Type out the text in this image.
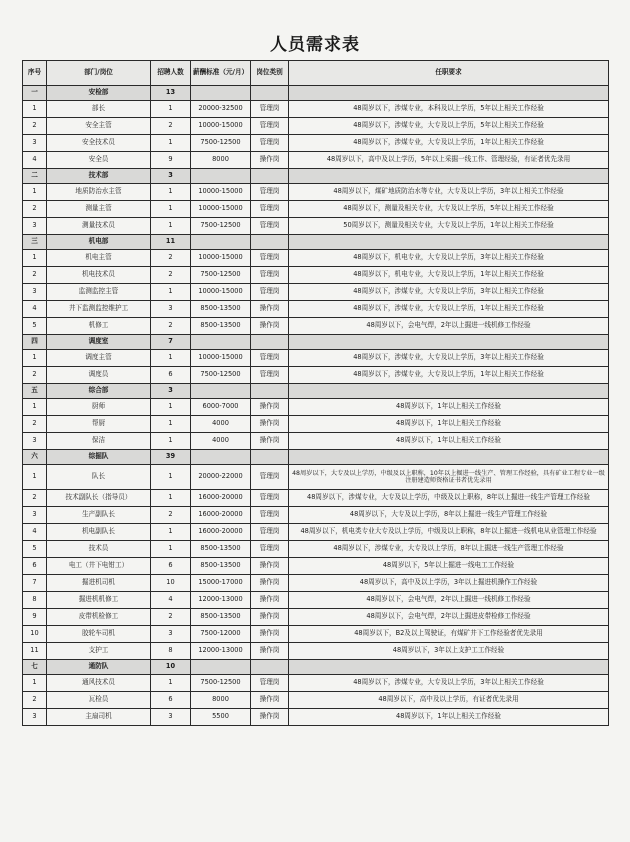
人员需求表
序号	部门/岗位	招聘人数	薪酬标准（元/月）	岗位类别	任职要求
一	安检部	13			
1	部长	1	20000-32500	管理岗	48周岁以下，涉煤专业，本科及以上学历，5年以上相关工作经验
2	安全主管	2	10000-15000	管理岗	48周岁以下，涉煤专业，大专及以上学历，5年以上相关工作经验
3	安全技术员	1	7500-12500	管理岗	48周岁以下，涉煤专业，大专及以上学历，1年以上相关工作经验
4	安全员	9	8000	操作岗	48周岁以下，高中及以上学历，5年以上采掘一线工作、管理经验，有证者优先录用
二	技术部	3			
1	地质防治水主管	1	10000-15000	管理岗	48周岁以下，煤矿地质防治水等专业，大专及以上学历，3年以上相关工作经验
2	测量主管	1	10000-15000	管理岗	48周岁以下，测量及相关专业，大专及以上学历，5年以上相关工作经验
3	测量技术员	1	7500-12500	管理岗	50周岁以下，测量及相关专业，大专及以上学历，1年以上相关工作经验
三	机电部	11			
1	机电主管	2	10000-15000	管理岗	48周岁以下，机电专业，大专及以上学历，3年以上相关工作经验
2	机电技术员	2	7500-12500	管理岗	48周岁以下，机电专业，大专及以上学历，1年以上相关工作经验
3	监测监控主管	1	10000-15000	管理岗	48周岁以下，涉煤专业，大专及以上学历，3年以上相关工作经验
4	井下监测监控维护工	3	8500-13500	操作岗	48周岁以下，涉煤专业，大专及以上学历，1年以上相关工作经验
5	机修工	2	8500-13500	操作岗	48周岁以下，会电气焊，2年以上掘进一线机修工作经验
四	调度室	7			
1	调度主管	1	10000-15000	管理岗	48周岁以下，涉煤专业，大专及以上学历，3年以上相关工作经验
2	调度员	6	7500-12500	管理岗	48周岁以下，涉煤专业，大专及以上学历，1年以上相关工作经验
五	综合部	3			
1	厨师	1	6000-7000	操作岗	48周岁以下，1年以上相关工作经验
2	帮厨	1	4000	操作岗	48周岁以下，1年以上相关工作经验
3	保洁	1	4000	操作岗	48周岁以下，1年以上相关工作经验
六	综掘队	39			
1	队长	1	20000-22000	管理岗	48周岁以下，大专及以上学历，中级及以上职称，10年以上掘进一线生产、管理工作经验，具有矿业工程专业一级注册建造师资格证书者优先录用
2	技术副队长（指导员）	1	16000-20000	管理岗	48周岁以下，涉煤专业，大专及以上学历，中级及以上职称，8年以上掘进一线生产管理工作经验
3	生产副队长	2	16000-20000	管理岗	48周岁以下，大专及以上学历，8年以上掘进一线生产管理工作经验
4	机电副队长	1	16000-20000	管理岗	48周岁以下，机电类专业大专及以上学历，中级及以上职称，8年以上掘进一线机电从业管理工作经验
5	技术员	1	8500-13500	管理岗	48周岁以下，涉煤专业，大专及以上学历，8年以上掘进一线生产管理工作经验
6	电工（井下电钳工）	6	8500-13500	操作岗	48周岁以下，5年以上掘进一线电工工作经验
7	掘进机司机	10	15000-17000	操作岗	48周岁以下，高中及以上学历，3年以上掘进机操作工作经验
8	掘进机机修工	4	12000-13000	操作岗	48周岁以下，会电气焊，2年以上掘进一线机修工作经验
9	皮带机检修工	2	8500-13500	操作岗	48周岁以下，会电气焊，2年以上掘进皮带检修工作经验
10	胶轮车司机	3	7500-12000	操作岗	48周岁以下，B2及以上驾驶证，有煤矿井下工作经验者优先录用
11	支护工	8	12000-13000	操作岗	48周岁以下，3年以上支护工工作经验
七	通防队	10			
1	通风技术员	1	7500-12500	管理岗	48周岁以下，涉煤专业，大专及以上学历，3年以上相关工作经验
2	瓦检员	6	8000	操作岗	48周岁以下，高中及以上学历，有证者优先录用
3	主扇司机	3	5500	操作岗	48周岁以下，1年以上相关工作经验
